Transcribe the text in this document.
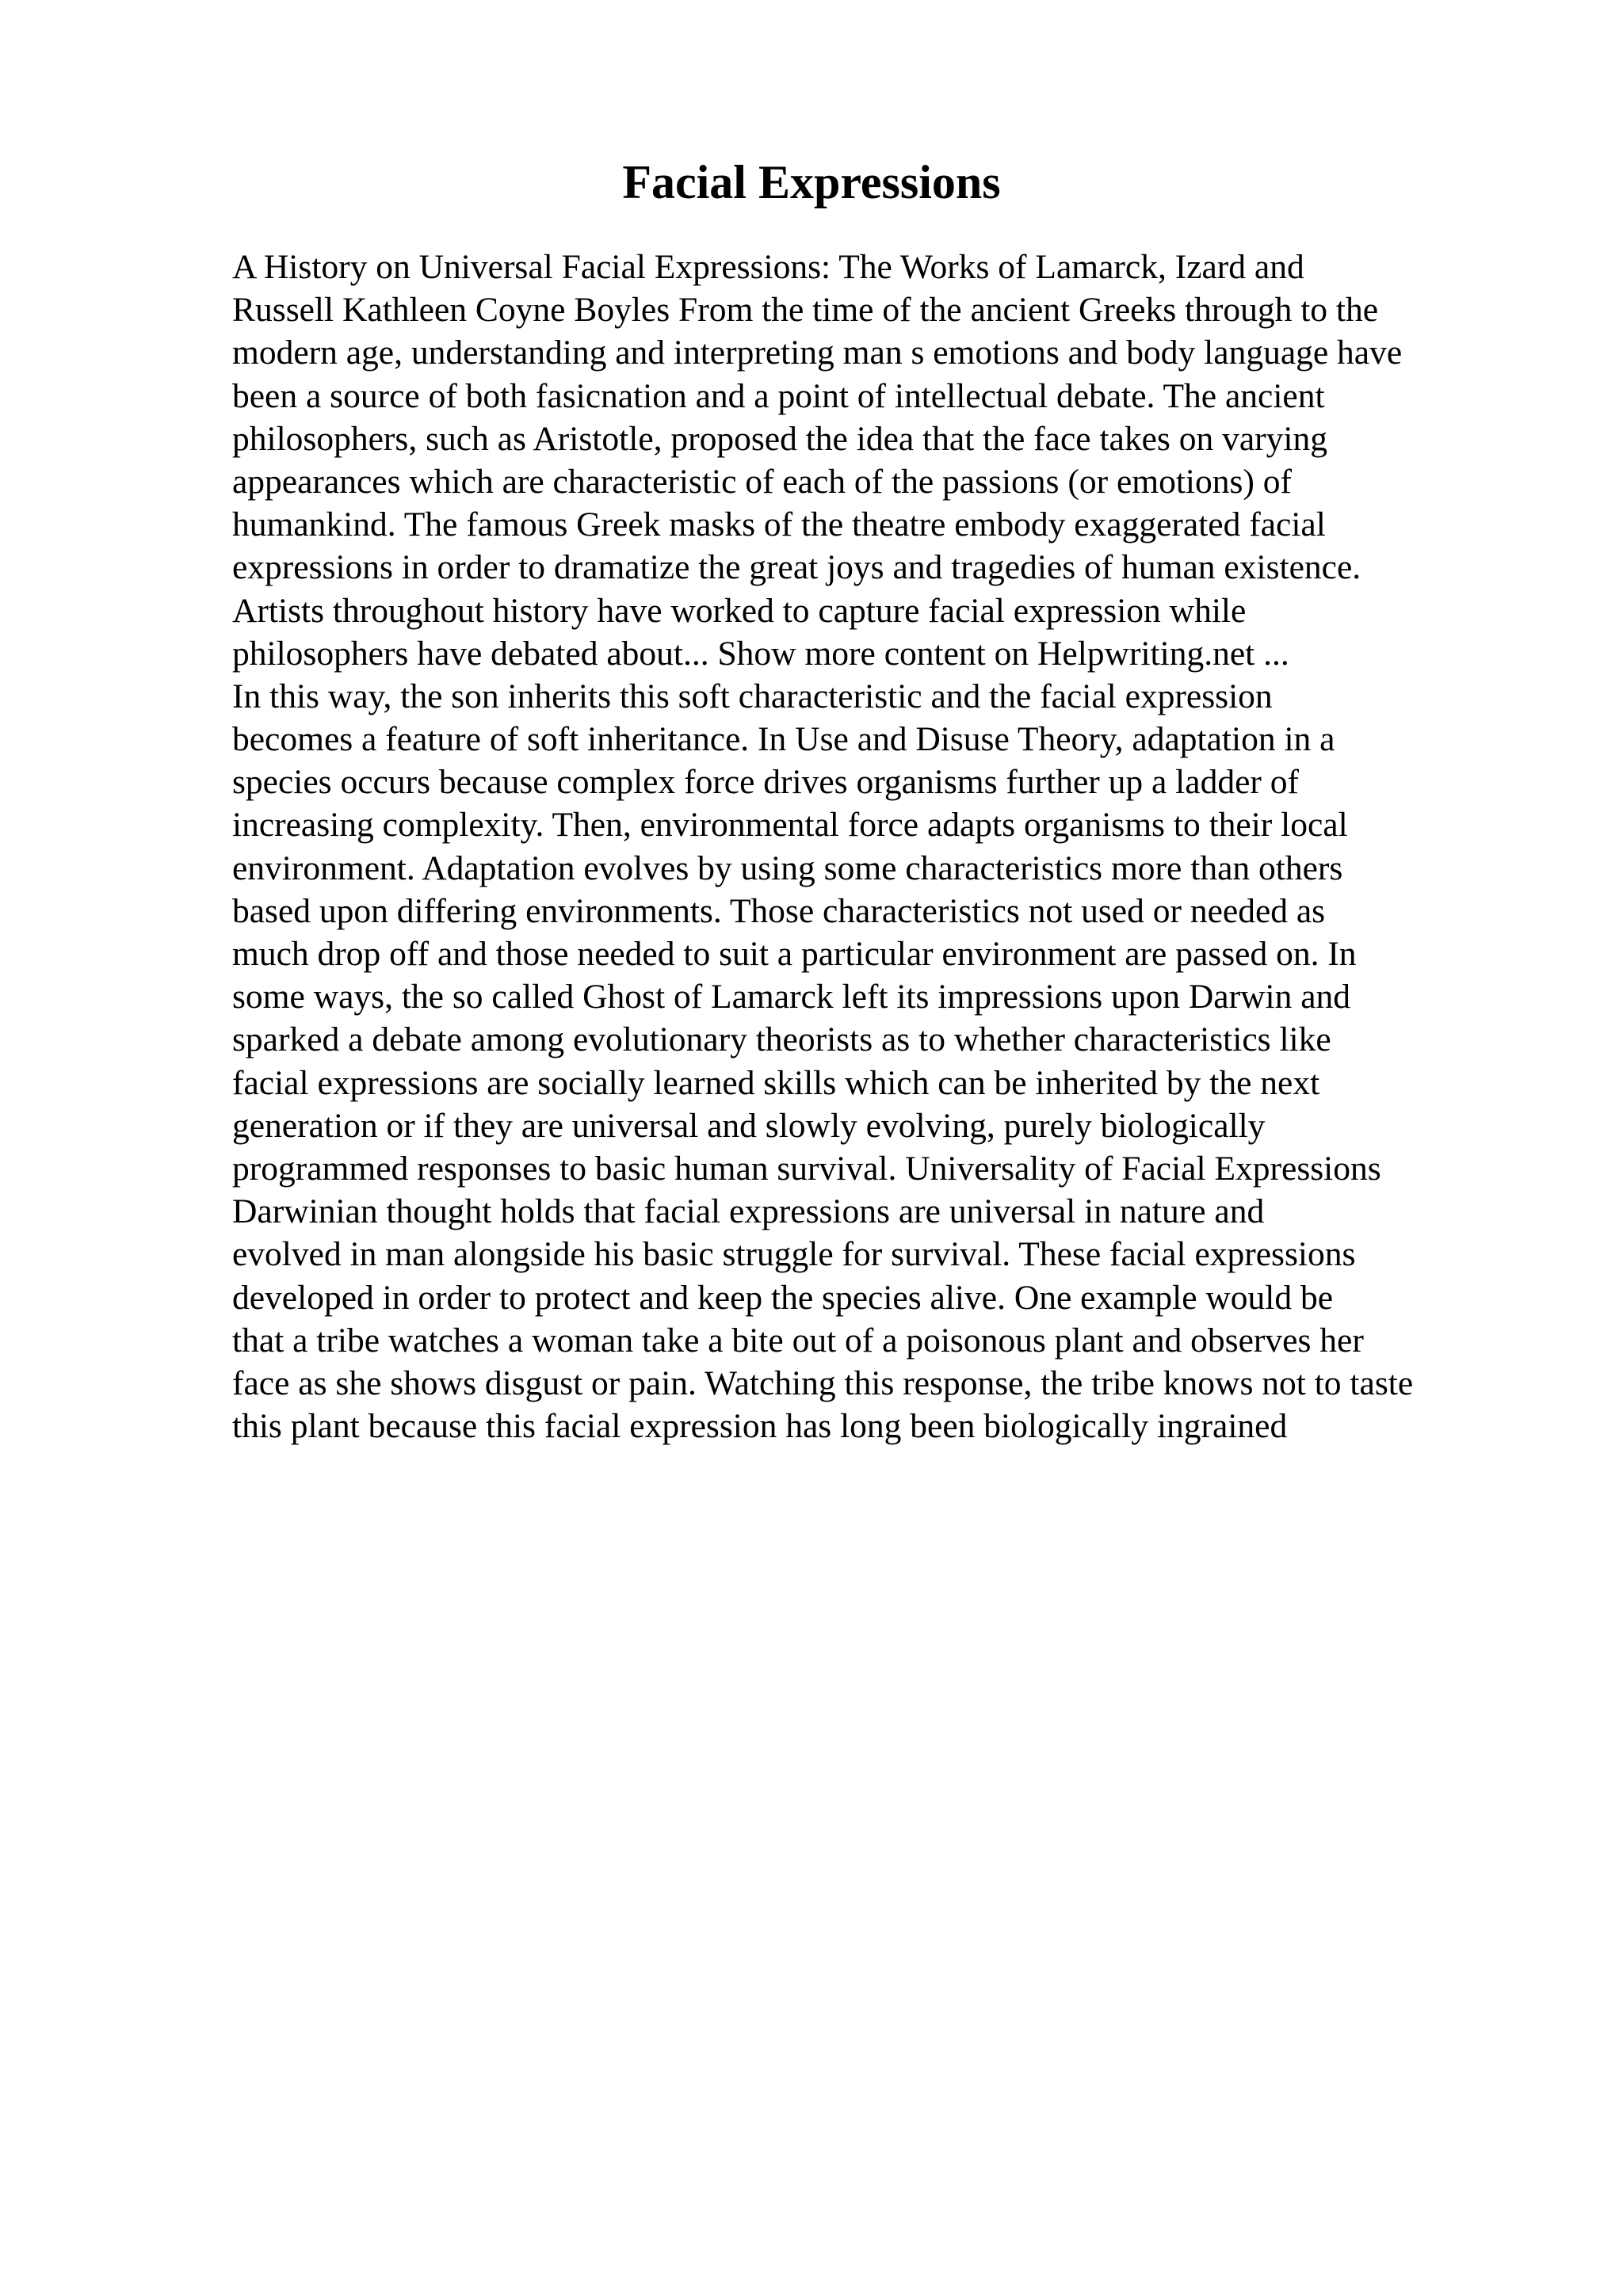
Facial Expressions
A History on Universal Facial Expressions: The Works of Lamarck, Izard and
Russell Kathleen Coyne Boyles From the time of the ancient Greeks through to the
modern age, understanding and interpreting man s emotions and body language have
been a source of both fasicnation and a point of intellectual debate. The ancient
philosophers, such as Aristotle, proposed the idea that the face takes on varying
appearances which are characteristic of each of the passions (or emotions) of
humankind. The famous Greek masks of the theatre embody exaggerated facial
expressions in order to dramatize the great joys and tragedies of human existence.
Artists throughout history have worked to capture facial expression while
philosophers have debated about... Show more content on Helpwriting.net ...
In this way, the son inherits this soft characteristic and the facial expression
becomes a feature of soft inheritance. In Use and Disuse Theory, adaptation in a
species occurs because complex force drives organisms further up a ladder of
increasing complexity. Then, environmental force adapts organisms to their local
environment. Adaptation evolves by using some characteristics more than others
based upon differing environments. Those characteristics not used or needed as
much drop off and those needed to suit a particular environment are passed on. In
some ways, the so called Ghost of Lamarck left its impressions upon Darwin and
sparked a debate among evolutionary theorists as to whether characteristics like
facial expressions are socially learned skills which can be inherited by the next
generation or if they are universal and slowly evolving, purely biologically
programmed responses to basic human survival. Universality of Facial Expressions
Darwinian thought holds that facial expressions are universal in nature and
evolved in man alongside his basic struggle for survival. These facial expressions
developed in order to protect and keep the species alive. One example would be
that a tribe watches a woman take a bite out of a poisonous plant and observes her
face as she shows disgust or pain. Watching this response, the tribe knows not to taste
this plant because this facial expression has long been biologically ingrained
